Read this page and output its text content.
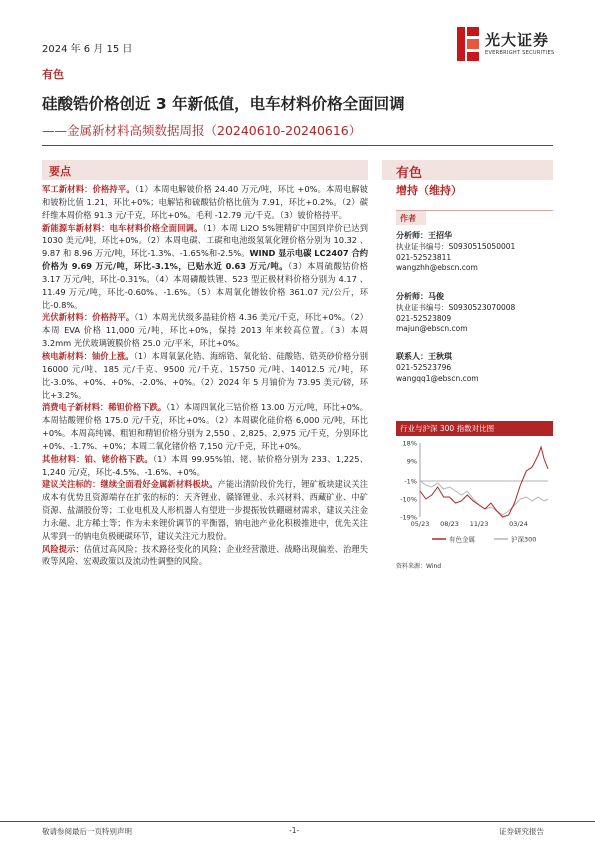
2024 年 6 月 15 日
光大证券
EVERBRIGHT SECURITIES
有色
硅酸锆价格创近 3 年新低值，电车材料价格全面回调
——金属新材料高频数据周报（20240610-20240616）
要点

军工新材料：价格持平。（1）本周电解铍价格 24.40 万元/吨，环比 +0%。本周电解铍和铍粉比值 1.21，环比+0%；电解钴和硫酸钴价格比值为 7.91，环比+0.2%。（2）碳纤维本周价格 91.3 元/千克，环比+0%。毛利 -12.79 元/千克。（3）铍价格持平。

新能源车新材料：电车材料价格全面回调。（1）本周 Li2O 5%锂精矿中国到岸价已达到 1030 美元/吨，环比+0%。（2）本周电碳、工碳和电池级氢氧化锂价格分别为 10.32 、9.87 和 8.96 万元/吨，环比-1.3%、-1.65%和-2.5%。WIND 显示电碳 LC2407 合约价格为 9.69 万元/吨，环比-3.1%，已贴水近 0.63 万元/吨。（3）本周硫酸钴价格 3.17 万元/吨，环比-0.31%。（4）本周磷酸铁锂、523 型正极材料价格分别为 4.17 、11.49 万元/吨，环比-0.60%、-1.6%。（5）本周氧化镨钕价格 361.07 元/公斤，环比-0.8%。

光伏新材料：价格持平。（1）本周光伏级多晶硅价格 4.36 美元/千克，环比+0%。（2）本周 EVA 价格 11,000 元/吨，环比+0%，保持 2013 年来较高位置。（3）本周 3.2mm 光伏玻璃镀膜价格 25.0 元/平米，环比+0%。

核电新材料：铀价上涨。（1）本周氧氯化锆、海绵锆、氧化铪、硅酸锆、锆英砂价格分别 16000 元/吨、185 元/千克、9500 元/千克、15750 元/吨、14012.5 元/吨，环比-3.0%、+0%、+0%、-2.0%、+0%。（2）2024 年 5 月铀价为 73.95 美元/磅，环比+3.2%。

消费电子新材料：稀钽价格下跌。（1）本周四氧化三钴价格 13.00 万元/吨，环比+0%。本周钴酸锂价格 175.0 元/千克，环比+0%。（2）本周碳化硅价格 6,000 元/吨，环比 +0%。本周高纯锑、粗钽和精钽价格分别为 2,550 、2,825、2,975 元/千克，分别环比+0%、-1.7%、+0%；本周二氧化锗价格 7,150 元/千克，环比+0%。

其他材料：铂、铑价格下跌。（1）本周 99.95%铂、铑、铱价格分别为 233、1,225、1,240 元/克，环比-4.5%、-1.6%、+0%。

建议关注标的：继续全面看好金属新材料板块。产能出清阶段价先行，锂矿板块建议关注成本有优势且资源端存在扩张的标的：天齐锂业、赣锋锂业、永兴材料、西藏矿业、中矿资源、盐湖股份等；工业电机及人形机器人有望进一步提振钕铁硼磁材需求，建议关注金力永磁、北方稀土等；作为未来锂价调节的平衡器，钠电池产业化积极推进中，优先关注从零到一的钠电负极硬碳环节，建议关注元力股份。

风险提示：估值过高风险；技术路径变化的风险；企业经营激进、战略出现偏差、治理失败等风险、宏观政策以及流动性调整的风险。

有色
增持（维持）
作者
分析师：王招华
执业证书编号：S0930515050001
021-52523811
wangzhh@ebscn.com
分析师：马俊
执业证书编号：S0930523070008
021-52523809
majun@ebscn.com
联系人：王秋琪
021-52523796
wangqq1@ebscn.com
行业与沪深 300 指数对比图
18%
9%
-1%
-10%
-19%
05/23 08/23 11/23	03/24
有色金属	沪深300
资料来源：Wind
敬请参阅最后一页特别声明	-1-	证券研究报告
